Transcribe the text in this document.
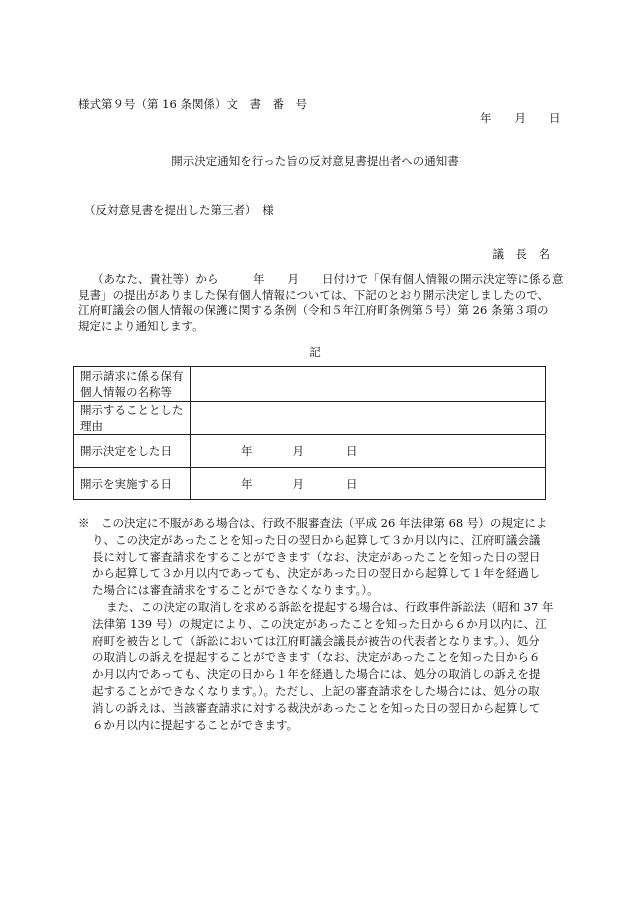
様式第９号（第 16 条関係）文　書　番　号
年　　月　　日
開示決定通知を行った旨の反対意見書提出者への通知書
（反対意見書を提出した第三者）　様
議　長　名
（あなた、貴社等）から　　　年　　月　　日付けで「保有個人情報の開示決定等に係る意
見書」の提出がありました保有個人情報については、下記のとおり開示決定しましたので、
江府町議会の個人情報の保護に関する条例（令和５年江府町条例第５号）第 26 条第３項の
規定により通知します。
記
開示請求に係る保有個人情報の名称等	
開示することとした理由	
開示決定をした日	年 月 日
開示を実施する日	年 月 日
※　この決定に不服がある場合は、行政不服審査法（平成 26 年法律第 68 号）の規定によ
り、この決定があったことを知った日の翌日から起算して３か月以内に、江府町議会議
長に対して審査請求をすることができます（なお、決定があったことを知った日の翌日
から起算して３か月以内であっても、決定があった日の翌日から起算して１年を経過し
た場合には審査請求をすることができなくなります。）。
また、この決定の取消しを求める訴訟を提起する場合は、行政事件訴訟法（昭和 37 年
法律第 139 号）の規定により、この決定があったことを知った日から６か月以内に、江
府町を被告として（訴訟においては江府町議会議長が被告の代表者となります。）、処分
の取消しの訴えを提起することができます（なお、決定があったことを知った日から６
か月以内であっても、決定の日から１年を経過した場合には、処分の取消しの訴えを提
起することができなくなります。）。ただし、上記の審査請求をした場合には、処分の取
消しの訴えは、当該審査請求に対する裁決があったことを知った日の翌日から起算して
６か月以内に提起することができます。
